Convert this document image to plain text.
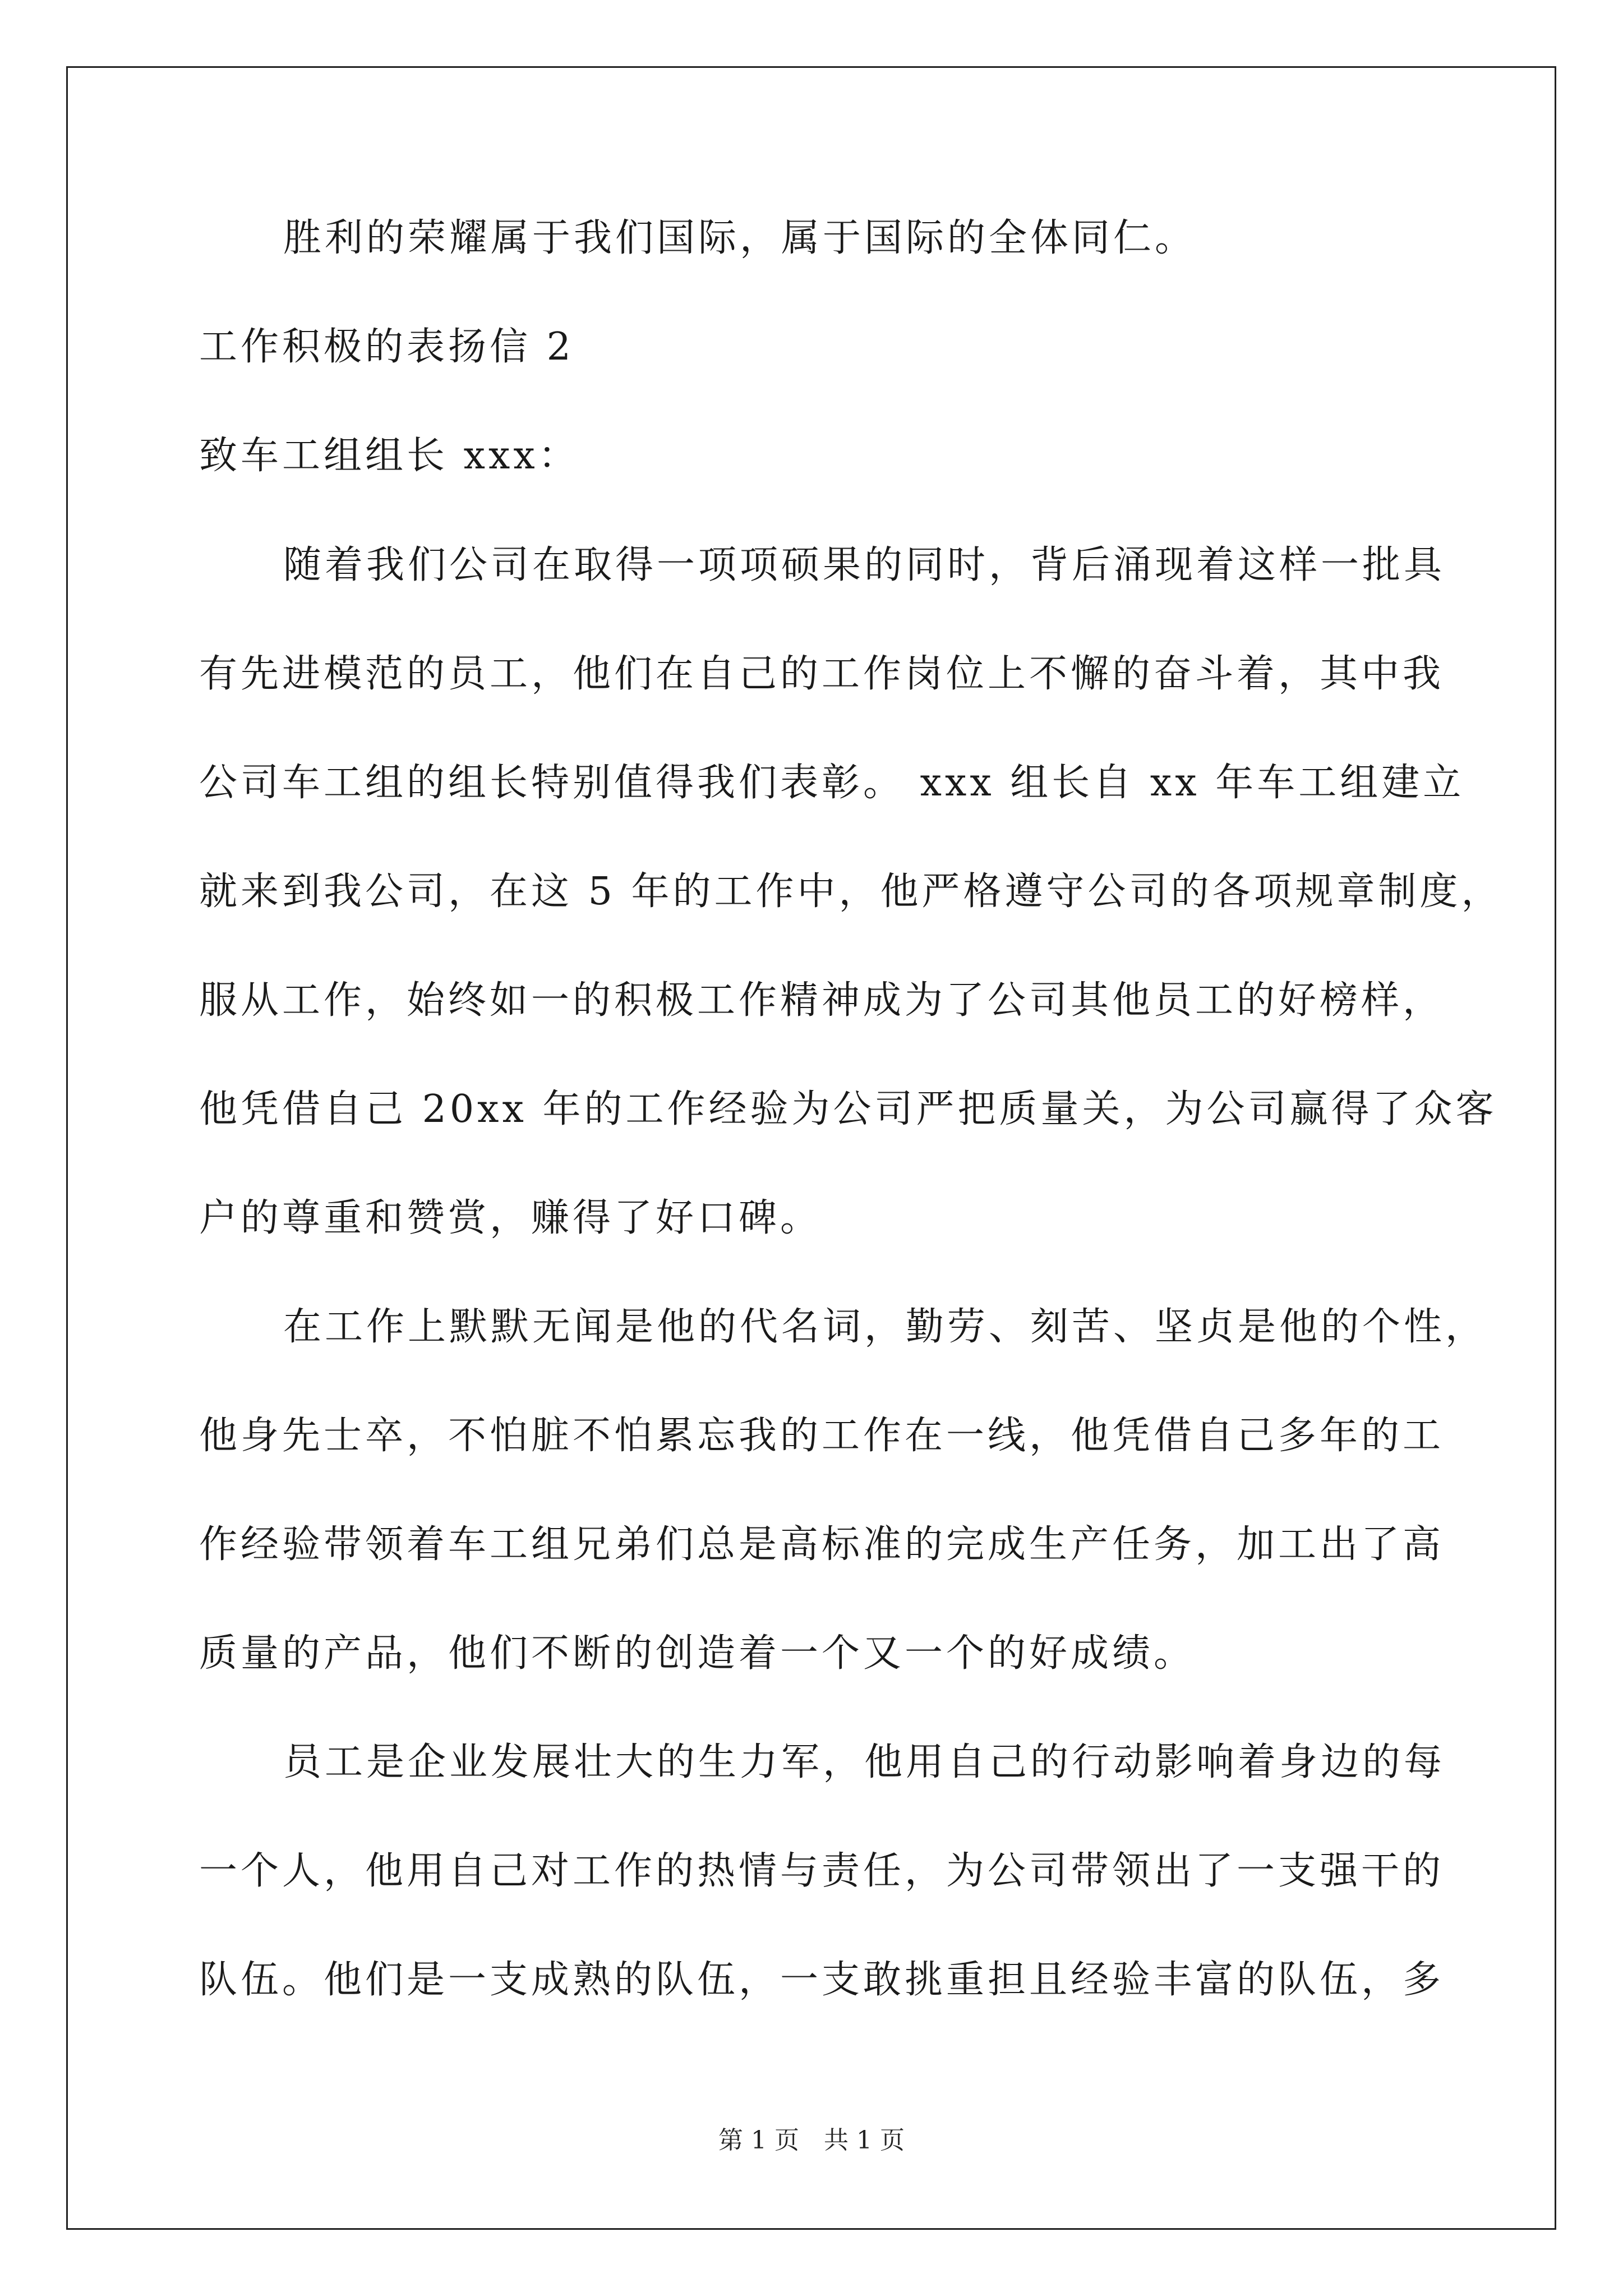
胜利的荣耀属于我们国际，属于国际的全体同仁。
工作积极的表扬信 2
致车工组组长 xxx：
随着我们公司在取得一项项硕果的同时，背后涌现着这样一批具
有先进模范的员工，他们在自己的工作岗位上不懈的奋斗着，其中我
公司车工组的组长特别值得我们表彰。 xxx 组长自 xx 年车工组建立
就来到我公司，在这 5 年的工作中，他严格遵守公司的各项规章制度，
服从工作，始终如一的积极工作精神成为了公司其他员工的好榜样，
他凭借自己 20xx 年的工作经验为公司严把质量关，为公司赢得了众客
户的尊重和赞赏，赚得了好口碑。
在工作上默默无闻是他的代名词，勤劳、刻苦、坚贞是他的个性，
他身先士卒，不怕脏不怕累忘我的工作在一线，他凭借自己多年的工
作经验带领着车工组兄弟们总是高标准的完成生产任务，加工出了高
质量的产品，他们不断的创造着一个又一个的好成绩。
员工是企业发展壮大的生力军，他用自己的行动影响着身边的每
一个人，他用自己对工作的热情与责任，为公司带领出了一支强干的
队伍。他们是一支成熟的队伍，一支敢挑重担且经验丰富的队伍，多
第 1 页　共 1 页
